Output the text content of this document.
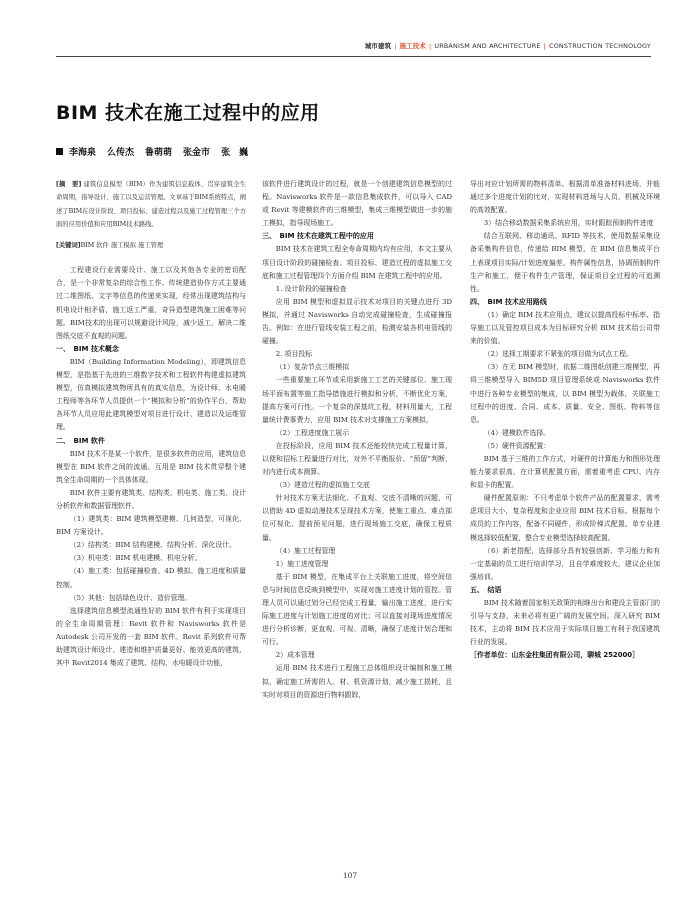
城市建筑 | 施工技术 | URBANISM AND ARCHITECTURE | CONSTRUCTION TECHNOLOGY
BIM 技术在施工过程中的应用
李海泉 么传杰 鲁萌萌 张金市 张　巍

[摘　要] 建筑信息模型（BIM）作为建筑信息载体、贯穿建筑全生命周期，指导设计、施工以及运营管理。文章基于BIM系统特点，阐述了BIM在设计阶段、项目投标、建造过程以及施工过程管理三个方面的应用价值和应用BIM技术路线。

[关键词]BIM 软件 施工模拟 施工管理

工程建设行业需要设计、施工以及其他各专业的密切配合，是一个非常复杂的综合性工作。传统建造协作方式主要通过二维图纸、文字等信息的传递来实现，经常出现建筑结构与机电设计相矛盾，施工返工严重，奇异造型建筑施工困难等问题。BIM技术的出现可以规避设计风险，减少返工，解决二维图纸交底不直观的问题。

一、　BIM 技术概念

BIM（Building Information Modeling），即建筑信息模型，是指基于先进的三维数字技术和工程软件构建虚拟建筑模型，仿真模拟建筑物所具有的真实信息，为设计师、水电暖工程师等各环节人员提供一个“模拟和分析”的协作平台，帮助各环节人员应用此建筑模型对项目进行设计、建造以及运维管理。

二、　BIM 软件

BIM 技术不是某一个软件，是很多软件的应用，建筑信息模型在 BIM 软件之间的流通、互用是 BIM 技术贯穿整个建筑全生命周期的一个具体体现。

BIM 软件主要有建筑类、结构类、机电类、施工类、设计分析软件和数据管理软件。

（1）建筑类：BIM 建筑模型建模、几何造型、可视化、BIM 方案设计。

（2）结构类：BIM 结构建模、结构分析、深化设计。

（3）机电类：BIM 机电建模、机电分析。

（4）施工类：包括碰撞检查、4D 模拟、施工进度和质量控制。

（5）其他：包括绿色设计、造价管理。

选择建筑信息模型流通性好的 BIM 软件有利于实现项目的全生命周期管理：Revit 软件和 Navisworks 软件是 Autodesk 公司开发的一套 BIM 软件。Revit 系列软件可帮助建筑设计师设计、建造和维护质量更好、能效更高的建筑，其中 Revit2014 集成了建筑、结构、水电暖设计功能，

该软件进行建筑设计的过程，就是一个创建建筑信息模型的过程。Navisworks 软件是一款信息集成软件，可以导入 CAD 或 Revit 等建模软件的三维模型，集成三维模型做进一步的施工模拟，指导现场施工。

三、　BIM 技术在建筑工程中的应用

BIM 技术在建筑工程全寿命周期内均有应用，本文主要从项目设计阶段的碰撞检查、项目投标、建造过程的虚拟施工交底和施工过程管理四个方面介绍 BIM 在建筑工程中的应用。

1. 设计阶段的碰撞检查

应用 BIM 模型和虚拟显示技术对项目的关键点进行 3D 模拟，并通过 Navisworks 自动完成碰撞检查，生成碰撞报告。例如：在进行管线安装工程之前，检测安装各机电管线的碰撞。

2. 项目投标

（1）复杂节点三维模拟

一些重要施工环节或采用新施工工艺的关键部位、施工现场平面布置等施工指导措施进行模拟和分析，不断优化方案，提高方案可行性。一个复杂的深基坑工程，材料用量大，工程量统计费事费力，应用 BIM 技术对支撑施工方案模拟，

（2）工程进度施工展示

在投标阶段，应用 BIM 技术还能较快完成工程量计算，以便和招标工程量进行对比，对外不平衡报价、“预留”判断，对内进行成本测算。

（3）建造过程的虚拟施工交底

针对技术方案无法细化、不直观、交底不清晰的问题，可以借助 4D 虚拟动漫技术呈现技术方案，使施工重点、难点部位可视化、提前预见问题，进行现场施工交底，确保工程质量。

（4）施工过程管理

1）施工进度管理

基于 BIM 模型，在集成平台上关联施工进度，将空间信息与时间信息反映到模型中，实现对施工进度计划的管控。管理人员可以通过划分已经完成工程量，输出施工进度，进行实际施工进度与计划施工进度的对比；可以直接对现场进度情况进行分析诊断，更直观、可视、清晰，确保了进度计划合理和可行。

2）成本管理

运用 BIM 技术进行工程施工总体组织设计编制和施工模拟，确定施工所需的人、材、机资源计划，减少施工损耗，且实时对项目的资源进行物料跟踪，

导出对应计划所需的物料清单。根据清单准备材料进场，并能通过多个进度计划的比对，实现材料进场与人员、机械及环境的高效配置。

3）结合移动数据采集系统应用，实时跟踪预制构件进度

结合互联网、移动通讯、RFID 等技术，使用数据采集设备采集构件信息，传递给 BIM 模型，在 BIM 信息集成平台上表现项目实际/计划进度偏差、构件属性信息，协调预制构件生产和施工，便于构件生产管理，保证项目全过程的可追溯性。

四、　BIM 技术应用路线

（1）确定 BIM 技术应用点，建议以提高投标中标率、指导施工以及管控项目成本为目标研究分析 BIM 技术给公司带来的价值。

（2）选择工期要求不紧张的项目做为试点工程。

（3）在无 BIM 模型时，依据二维图纸创建三维模型，再将三维模型导入 BIM5D 项目管理系统或 Navisworks 软件中进行各种专业模型的集成，以 BIM 模型为载体，关联施工过程中的进度、合同、成本、质量、安全、图纸、物料等信息。

（4）建模软件选择。

（5）硬件资源配置：

BIM 基于三维的工作方式，对硬件的计算能力和图形处理能力要求很高，在计算机配置方面，需着重考虑 CPU、内存和显卡的配置。

硬件配置原则：不只考虑单个软件产品的配置要求，需考虑项目大小，复杂程度和企业应用 BIM 技术目标。根据每个成员的工作内容，配备不同硬件，形成阶梯式配置。单专业建模选择较低配置，整合专业模型选择较高配置。

（6）新老搭配，选择部分具有较强创新、学习能力和有一定基础的员工进行培训学习，且自学难度较大，建议企业加强培训。

五、　结语

BIM 技术随着国家相关政策的相继出台和建设主管部门的引导与支持，未来必将有更广阔的发展空间。深入研究 BIM 技术，主动将 BIM 技术应用于实际项目施工有利于我国建筑行业的发展。

［作者单位：山东金柱集团有限公司，聊城 252000］

107
